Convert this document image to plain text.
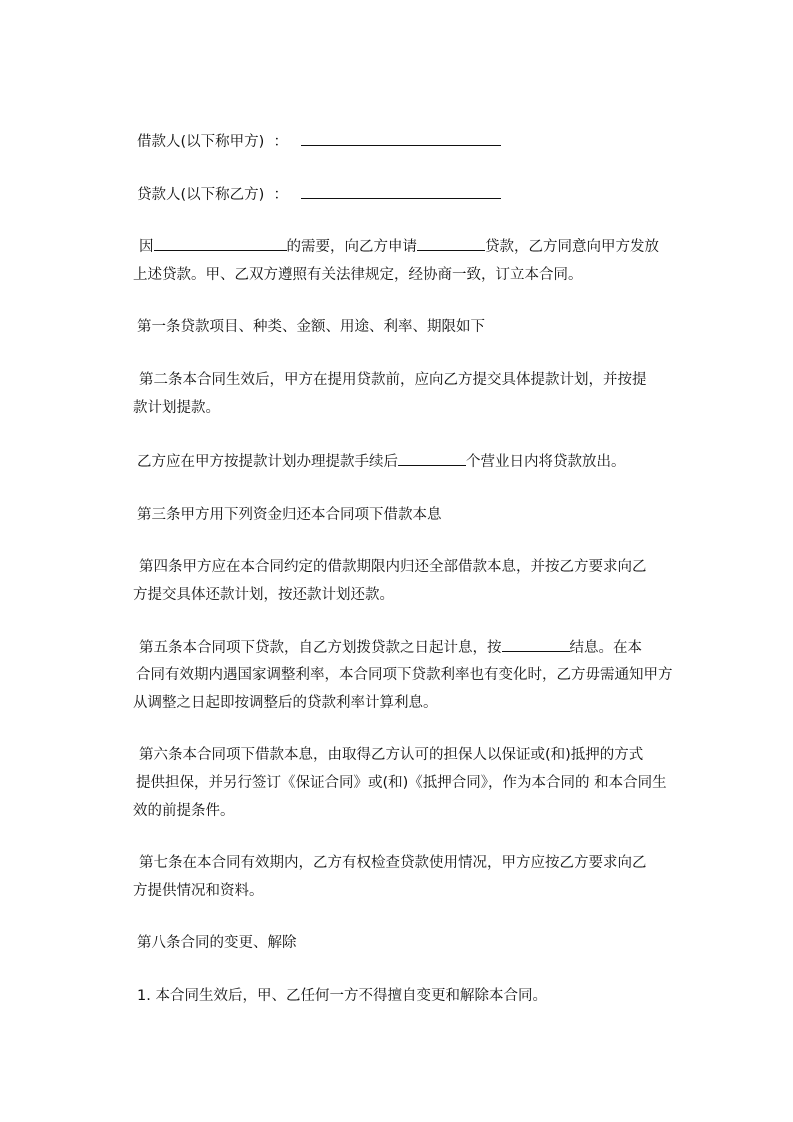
借款人(以下称甲方)  ：
贷款人(以下称乙方)  ：
因	的需要，向乙方申请	贷款，乙方同意向甲方发放
上述贷款。甲、乙双方遵照有关法律规定，经协商一致，订立本合同。
第一条贷款项目、种类、金额、用途、利率、期限如下
第二条本合同生效后，甲方在提用贷款前，应向乙方提交具体提款计划，并按提
款计划提款。
乙方应在甲方按提款计划办理提款手续后	个营业日内将贷款放出。
第三条甲方用下列资金归还本合同项下借款本息
第四条甲方应在本合同约定的借款期限内归还全部借款本息，并按乙方要求向乙
方提交具体还款计划，按还款计划还款。
第五条本合同项下贷款，自乙方划拨贷款之日起计息，按	结息。在本
合同有效期内遇国家调整利率，本合同项下贷款利率也有变化时，乙方毋需通知甲方
从调整之日起即按调整后的贷款利率计算利息。
第六条本合同项下借款本息，由取得乙方认可的担保人以保证或(和)抵押的方式
提供担保，并另行签订《保证合同》或(和)《抵押合同》，作为本合同的 和本合同生
效的前提条件。
第七条在本合同有效期内，乙方有权检查贷款使用情况，甲方应按乙方要求向乙
方提供情况和资料。
第八条合同的变更、解除
1. 本合同生效后，甲、乙任何一方不得擅自变更和解除本合同。
